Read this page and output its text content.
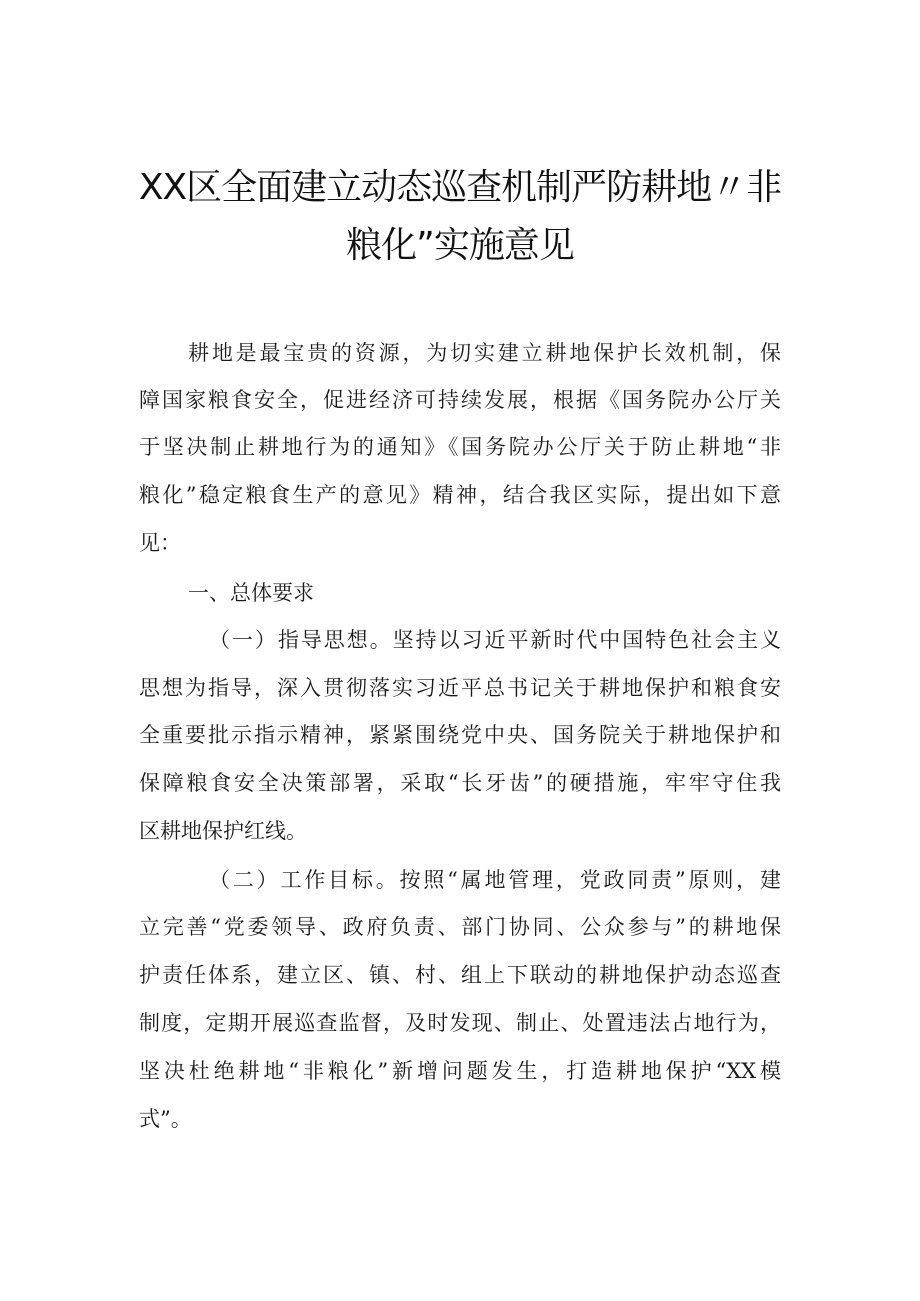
XX区全面建立动态巡查机制严防耕地〃非
粮化”实施意见
耕地是最宝贵的资源，为切实建立耕地保护长效机制，保
障国家粮食安全，促进经济可持续发展，根据《国务院办公厅关
于坚决制止耕地行为的通知》《国务院办公厅关于防止耕地“非
粮化”稳定粮食生产的意见》精神，结合我区实际，提出如下意
见：
一、总体要求
（一）指导思想。坚持以习近平新时代中国特色社会主义
思想为指导，深入贯彻落实习近平总书记关于耕地保护和粮食安
全重要批示指示精神，紧紧围绕党中央、国务院关于耕地保护和
保障粮食安全决策部署，采取“长牙齿”的硬措施，牢牢守住我
区耕地保护红线。
（二）工作目标。按照“属地管理，党政同责”原则，建
立完善“党委领导、政府负责、部门协同、公众参与”的耕地保
护责任体系，建立区、镇、村、组上下联动的耕地保护动态巡查
制度，定期开展巡查监督，及时发现、制止、处置违法占地行为，
坚决杜绝耕地“非粮化”新增问题发生，打造耕地保护“XX模
式”。
